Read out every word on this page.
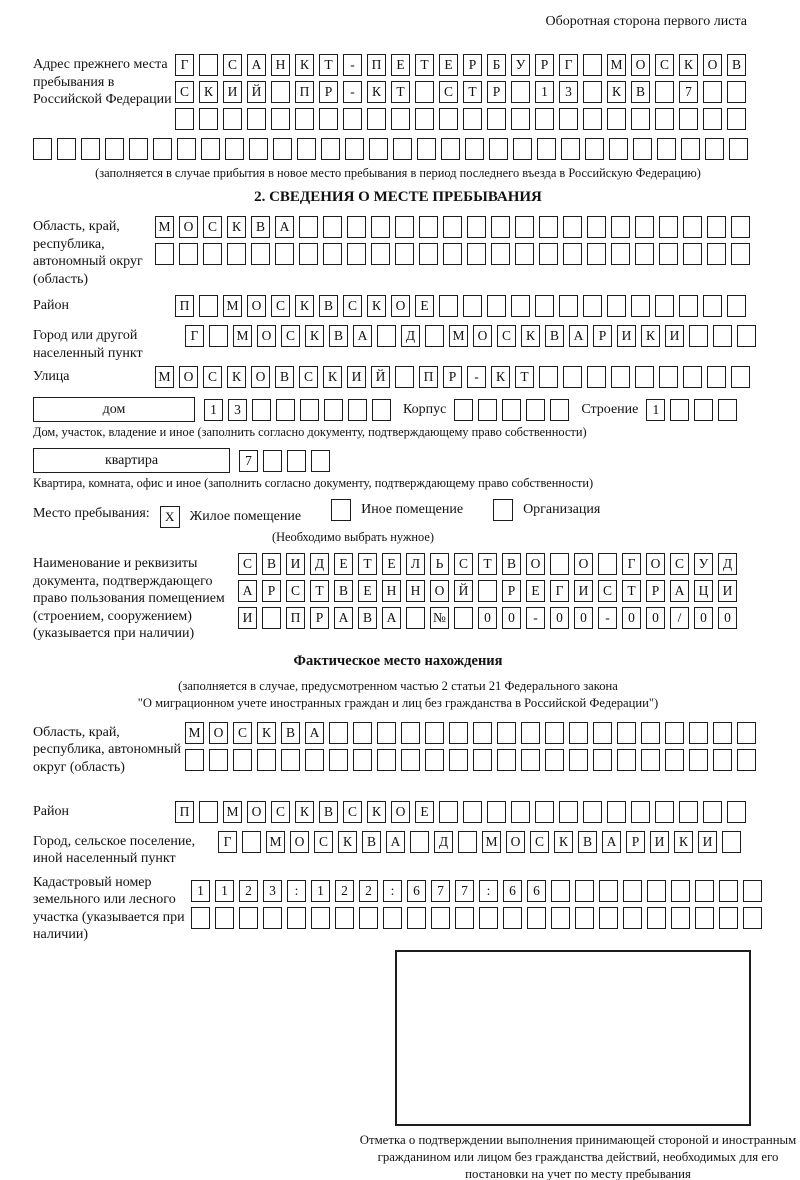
Оборотная сторона первого листа
Адрес прежнего места пребывания в Российской Федерации
Г	С	А	Н	К	Т	-	П	Е	Т	Е	Р	Б	У	Р	Г	М О	С	К	О	В
С	К	И	Й	П	Р	-	К	Т	С	Т	Р	1	3	К	В	7
(заполняется в случае прибытия в новое место пребывания в период последнего въезда в Российскую Федерацию)
2. СВЕДЕНИЯ О МЕСТЕ ПРЕБЫВАНИЯ
Область, край, республика, автономный округ (область)
М О	С	К	В	А
Район	П	М О	С	К	В	С	К	О	Е
Город или другой населенный пункт
Г	М О	С	К	В	А	Д	М О	С	К	В	А	Р	И	К	И
Улица	М О	С	К	О	В	С	К	И	Й	П	Р	-	К	Т
дом	1	3	Корпус	Строение	1
Дом, участок, владение и иное (заполнить согласно документу, подтверждающему право собственности)
квартира	7
Квартира, комната, офис и иное (заполнить согласно документу, подтверждающему право собственности)
Место пребывания:	X	Жилое помещение	Иное помещение	Организация
(Необходимо выбрать нужное)
Наименование и реквизиты документа, подтверждающего право пользования помещением (строением, сооружением) (указывается при наличии)
С	В	И	Д	Е	Т	Е	Л	Ь	С	Т	В	О	О	Г	О	С	У	Д
А	Р	С	Т	В	Е	Н	Н	О	Й	Р	Е	Г	И	С	Т	Р	А	Ц	И
И	П	Р	А	В	А	№	0	0	-	0	0	-	0	0	/	0	0
Фактическое место нахождения
(заполняется в случае, предусмотренном частью 2 статьи 21 Федерального закона
"О миграционном учете иностранных граждан и лиц без гражданства в Российской Федерации")
Область, край, республика, автономный округ (область)
М О	С	К	В	А
Район	П	М О	С	К	В	С	К	О	Е
Город, сельское поселение, иной населенный пункт
Г	М О	С	К	В	А	Д	М О	С	К	В	А	Р	И	К	И
Кадастровый номер земельного или лесного участка (указывается при наличии)
1	1	2	3	:	1	2	2	:	6	7	7	:	6	6
Отметка о подтверждении выполнения принимающей стороной и иностранным гражданином или лицом без гражданства действий, необходимых для его постановки на учет по месту пребывания
